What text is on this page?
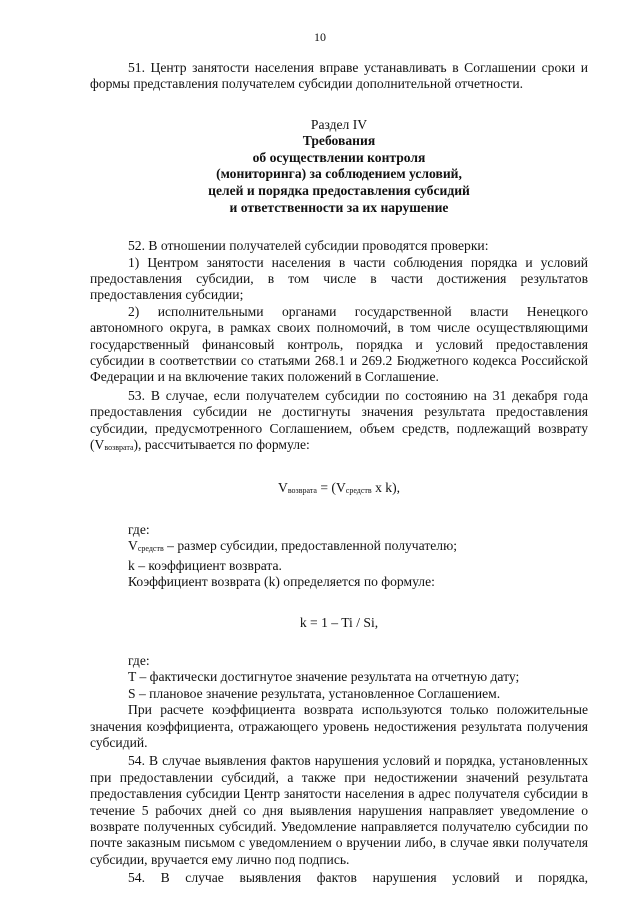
10

51. Центр занятости населения вправе устанавливать в Соглашении сроки и формы представления получателем субсидии дополнительной отчетности.

Раздел IV
Требования
об осуществлении контроля
(мониторинга) за соблюдением условий,
целей и порядка предоставления субсидий
и ответственности за их нарушение

52. В отношении получателей субсидии проводятся проверки:

1) Центром занятости населения в части соблюдения порядка и условий предоставления субсидии, в том числе в части достижения результатов предоставления субсидии;

2) исполнительными органами государственной власти Ненецкого автономного округа, в рамках своих полномочий, в том числе осуществляющими государственный финансовый контроль, порядка и условий предоставления субсидии в соответствии со статьями 268.1 и 269.2 Бюджетного кодекса Российской Федерации и на включение таких положений в Соглашение.

53. В случае, если получателем субсидии по состоянию на 31 декабря года предоставления субсидии не достигнуты значения результата предоставления субсидии, предусмотренного Соглашением, объем средств, подлежащий возврату $(V_{возврата})$, рассчитывается по формуле:

$V_{возврата} = (V_{средств}$ x k),

где:

$V_{средств}$ – размер субсидии, предоставленной получателю;

k – коэффициент возврата.

Коэффициент возврата (k) определяется по формуле:

k = 1 – Ti / Si,

где:

T – фактически достигнутое значение результата на отчетную дату;

S – плановое значение результата, установленное Соглашением.

При расчете коэффициента возврата используются только положительные значения коэффициента, отражающего уровень недостижения результата получения субсидий.

54. В случае выявления фактов нарушения условий и порядка, установленных при предоставлении субсидий, а также при недостижении значений результата предоставления субсидии Центр занятости населения в адрес получателя субсидии в течение 5 рабочих дней со дня выявления нарушения направляет уведомление о возврате полученных субсидий. Уведомление направляется получателю субсидии по почте заказным письмом с уведомлением о вручении либо, в случае явки получателя субсидии, вручается ему лично под подпись.

54. В случае выявления фактов нарушения условий и порядка,
